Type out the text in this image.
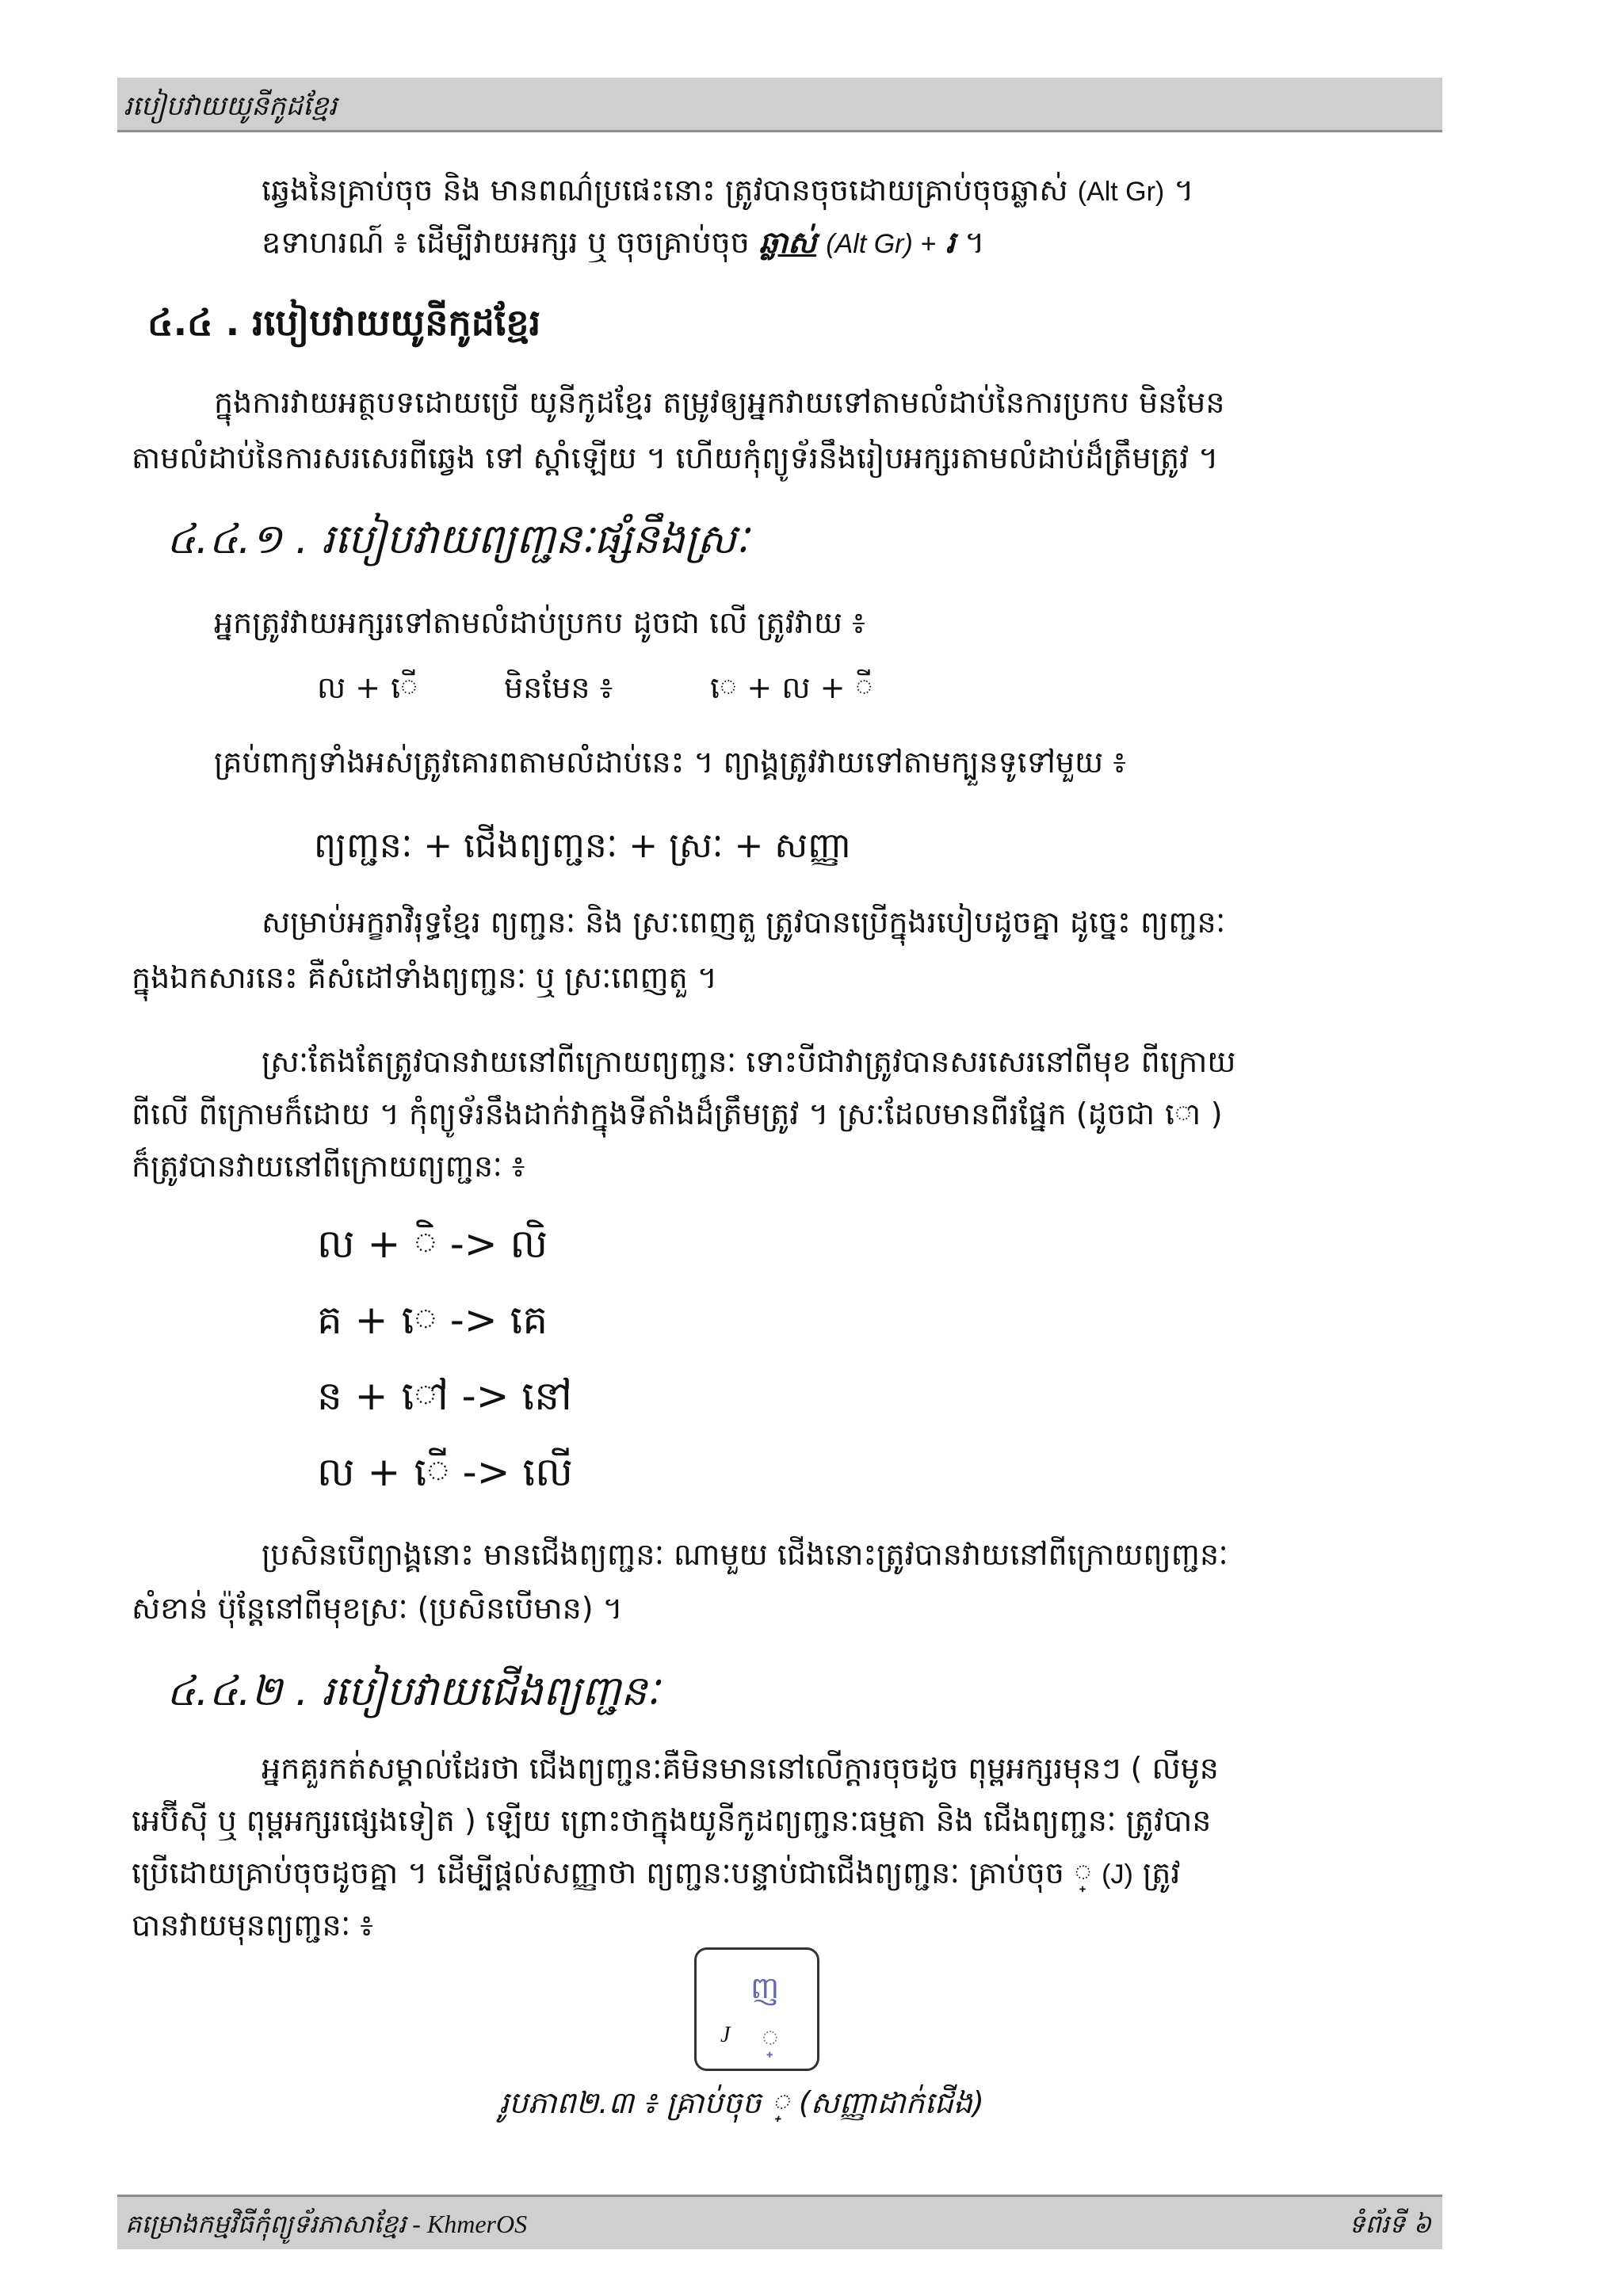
របៀបវាយយូនីកូដខ្មែរ
ឆ្វេងនៃគ្រាប់ចុច និង មានពណ៌ប្រផេះនោះ ត្រូវបានចុចដោយគ្រាប់ចុចឆ្លាស់ (Alt Gr) ។
ឧទាហរណ៍ ៖ ដើម្បីវាយអក្សរ ឬ ចុចគ្រាប់ចុច ឆ្លាស់ (Alt Gr) + រ ។
៤.៤ . របៀបវាយយូនីកូដខ្មែរ
ក្នុងការវាយអត្ថបទដោយប្រើ យូនីកូដខ្មែរ តម្រូវឲ្យអ្នកវាយទៅតាមលំដាប់នៃការប្រកប មិនមែន
តាមលំដាប់នៃការសរសេរពីឆ្វេង ទៅ ស្តាំឡើយ ។ ហើយកុំព្យូទ័រនឹងរៀបអក្សរតាមលំដាប់ដ៏ត្រឹមត្រូវ ។
៤.៤.១ . របៀបវាយព្យញ្ជនៈផ្សំនឹងស្រៈ
អ្នកត្រូវវាយអក្សរទៅតាមលំដាប់ប្រកប ដូចជា លើ ត្រូវវាយ ៖
ល + ើ	មិនមែន ៖	េ + ល + ី
គ្រប់ពាក្យទាំងអស់ត្រូវគោរពតាមលំដាប់នេះ ។ ព្យាង្គត្រូវវាយទៅតាមក្បួនទូទៅមួយ ៖
ព្យញ្ជនៈ + ជើងព្យញ្ជនៈ + ស្រៈ + សញ្ញា
សម្រាប់អក្ខរាវិរុទ្ធខ្មែរ ព្យញ្ជនៈ និង ស្រៈពេញតួ ត្រូវបានប្រើក្នុងរបៀបដូចគ្នា ដូច្នេះ ព្យញ្ជនៈ
ក្នុងឯកសារនេះ គឺសំដៅទាំងព្យញ្ជនៈ ឬ ស្រៈពេញតួ ។
ស្រៈតែងតែត្រូវបានវាយនៅពីក្រោយព្យញ្ជនៈ ទោះបីជាវាត្រូវបានសរសេរនៅពីមុខ ពីក្រោយ
ពីលើ ពីក្រោមក៏ដោយ ។ កុំព្យូទ័រនឹងដាក់វាក្នុងទីតាំងដ៏ត្រឹមត្រូវ ។ ស្រៈដែលមានពីរផ្នែក (ដូចជា ោ )
ក៏ត្រូវបានវាយនៅពីក្រោយព្យញ្ជនៈ ៖
ល + -> លិ
គ + -> គេ
ន + -> នៅ
ល + -> លើ
ប្រសិនបើព្យាង្គនោះ មានជើងព្យញ្ជនៈ ណាមួយ ជើងនោះត្រូវបានវាយនៅពីក្រោយព្យញ្ជនៈ
សំខាន់ ប៉ុន្តែនៅពីមុខស្រៈ (ប្រសិនបើមាន) ។
៤.៤.២ . របៀបវាយជើងព្យញ្ជនៈ
អ្នកគួរកត់សម្គាល់ដែរថា ជើងព្យញ្ជនៈគឺមិនមាននៅលើក្តារចុចដូច ពុម្ពអក្សរមុនៗ ( លីមូន
អេប៊ីស៊ី ឬ ពុម្ពអក្សរផ្សេងទៀត ) ឡើយ ព្រោះថាក្នុងយូនីកូដព្យញ្ជនៈធម្មតា និង ជើងព្យញ្ជនៈ ត្រូវបាន
ប្រើដោយគ្រាប់ចុចដូចគ្នា ។ ដើម្បីផ្តល់សញ្ញាថា ព្យញ្ជនៈបន្ទាប់ជាជើងព្យញ្ជនៈ គ្រាប់ចុច ្ (J) ត្រូវ
បានវាយមុនព្យញ្ជនៈ ៖
ញ
J ្
រូបភាព២.៣ ៖ គ្រាប់ចុច ្ (សញ្ញាដាក់ជើង)
គម្រោងកម្មវិធីកុំព្យូទ័រភាសាខ្មែរ - KhmerOS	ទំព័រទី ៦
